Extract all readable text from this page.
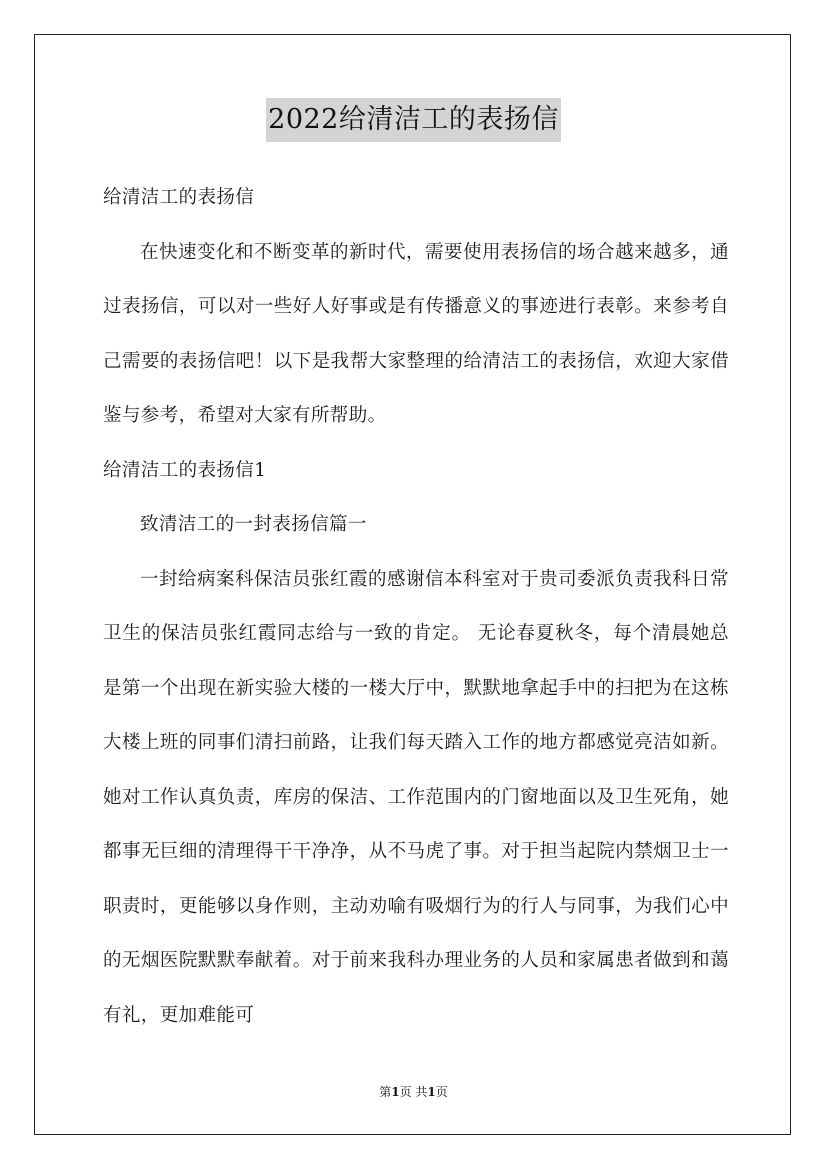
2022给清洁工的表扬信

给清洁工的表扬信

在快速变化和不断变革的新时代，需要使用表扬信的场合越来越多，通过表扬信，可以对一些好人好事或是有传播意义的事迹进行表彰。来参考自己需要的表扬信吧！以下是我帮大家整理的给清洁工的表扬信，欢迎大家借鉴与参考，希望对大家有所帮助。

给清洁工的表扬信1

致清洁工的一封表扬信篇一

一封给病案科保洁员张红霞的感谢信本科室对于贵司委派负责我科日常卫生的保洁员张红霞同志给与一致的肯定。 无论春夏秋冬，每个清晨她总是第一个出现在新实验大楼的一楼大厅中，默默地拿起手中的扫把为在这栋大楼上班的同事们清扫前路，让我们每天踏入工作的地方都感觉亮洁如新。她对工作认真负责，库房的保洁、工作范围内的门窗地面以及卫生死角，她都事无巨细的清理得干干净净，从不马虎了事。对于担当起院内禁烟卫士一职责时，更能够以身作则，主动劝喻有吸烟行为的行人与同事，为我们心中的无烟医院默默奉献着。对于前来我科办理业务的人员和家属患者做到和蔼有礼，更加难能可

第1页 共1页
